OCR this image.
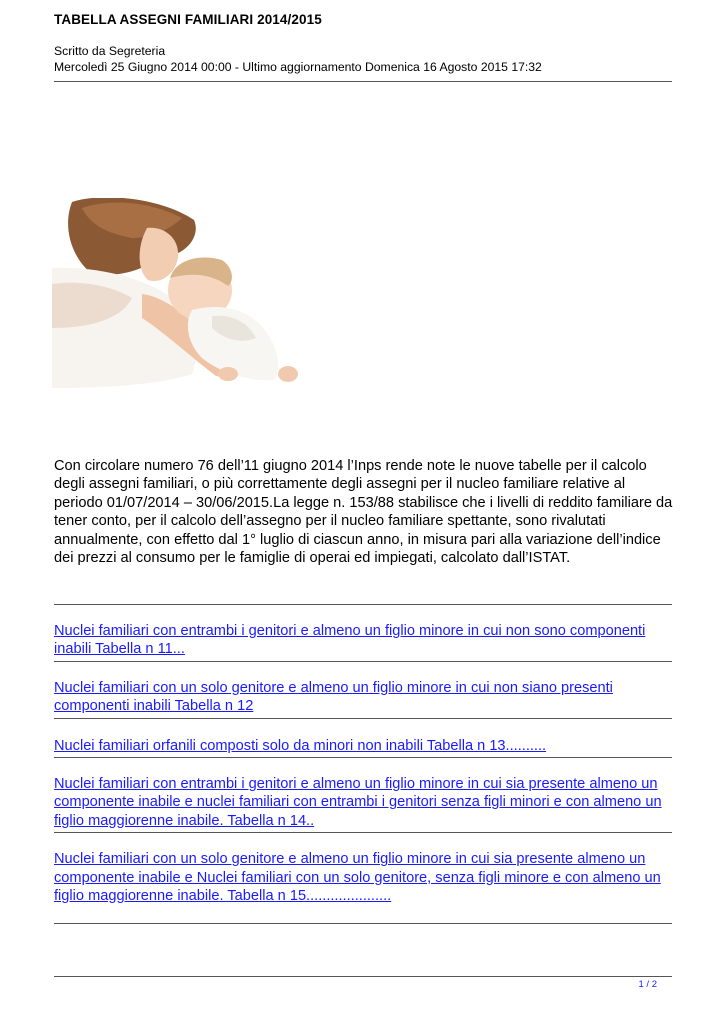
TABELLA ASSEGNI FAMILIARI 2014/2015
Scritto da Segreteria
Mercoledì 25 Giugno 2014 00:00 - Ultimo aggiornamento Domenica 16 Agosto 2015 17:32

Con circolare numero 76 dell’11 giugno 2014 l’Inps rende note le nuove tabelle per il calcolo degli assegni familiari, o più correttamente degli assegni per il nucleo familiare relative al periodo 01/07/2014 – 30/06/2015.La legge n. 153/88 stabilisce che i livelli di reddito familiare da tener conto, per il calcolo dell’assegno per il nucleo familiare spettante, sono rivalutati annualmente, con effetto dal 1° luglio di ciascun anno, in misura pari alla variazione dell’indice dei prezzi al consumo per le famiglie di operai ed impiegati, calcolato dall’ISTAT.

Nuclei familiari con entrambi i genitori e almeno un figlio minore in cui non sono componenti inabili Tabella n 11...
Nuclei familiari con un solo genitore e almeno un figlio minore in cui non siano presenti componenti inabili Tabella n 12
Nuclei familiari orfanili composti solo da minori non inabili Tabella n 13..........
Nuclei familiari con entrambi i genitori e almeno un figlio minore in cui sia presente almeno un componente inabile e nuclei familiari con entrambi i genitori senza figli minori e con almeno un figlio maggiorenne inabile. Tabella n 14..
Nuclei familiari con un solo genitore e almeno un figlio minore in cui sia presente almeno un componente inabile e Nuclei familiari con un solo genitore, senza figli minore e con almeno un figlio maggiorenne inabile. Tabella n 15.....................
1 / 2
